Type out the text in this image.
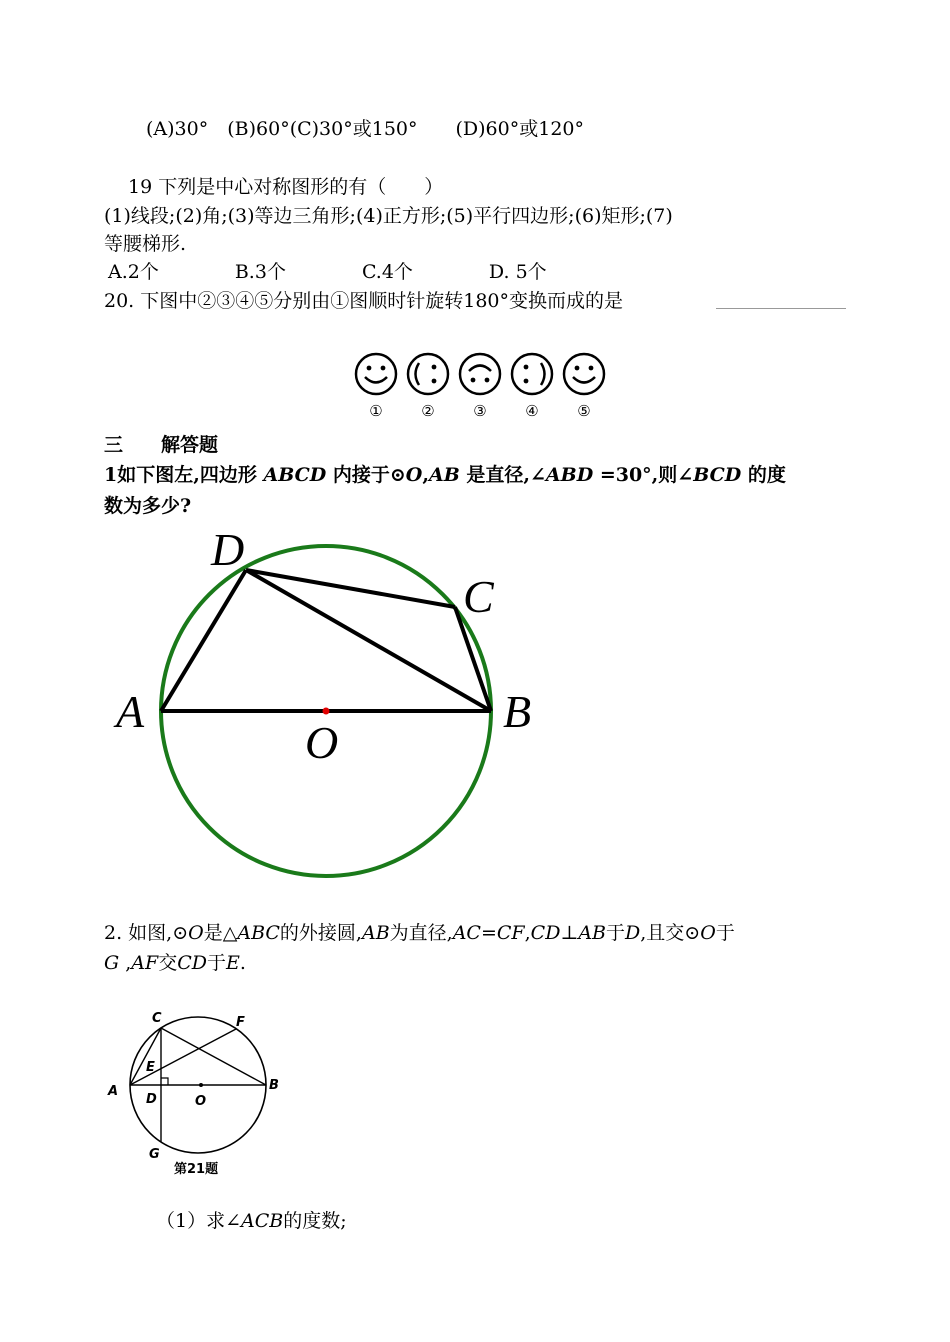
(A)30°　(B)60°(C)30°或150°　　(D)60°或120°
19 下列是中心对称图形的有（　　）
(1)线段;(2)角;(3)等边三角形;(4)正方形;(5)平行四边形;(6)矩形;(7)
等腰梯形.
A.2个　　　　B.3个　　　　C.4个　　　　D. 5个
20. 下图中②③④⑤分别由①图顺时针旋转180°变换而成的是
①	②	③	④	⑤
三　　解答题
1如下图左,四边形 ABCD 内接于⊙O,AB 是直径,∠ABD =30°,则∠BCD 的度
数为多少?
D
C
A	B
O
2. 如图,⊙O是△ABC的外接圆,AB为直径,AC=CF,CD⊥AB于D,且交⊙O于
G ,AF交CD于E.
C	F
E
A
D	O
B
G
第21题
（1）求∠ACB的度数;
